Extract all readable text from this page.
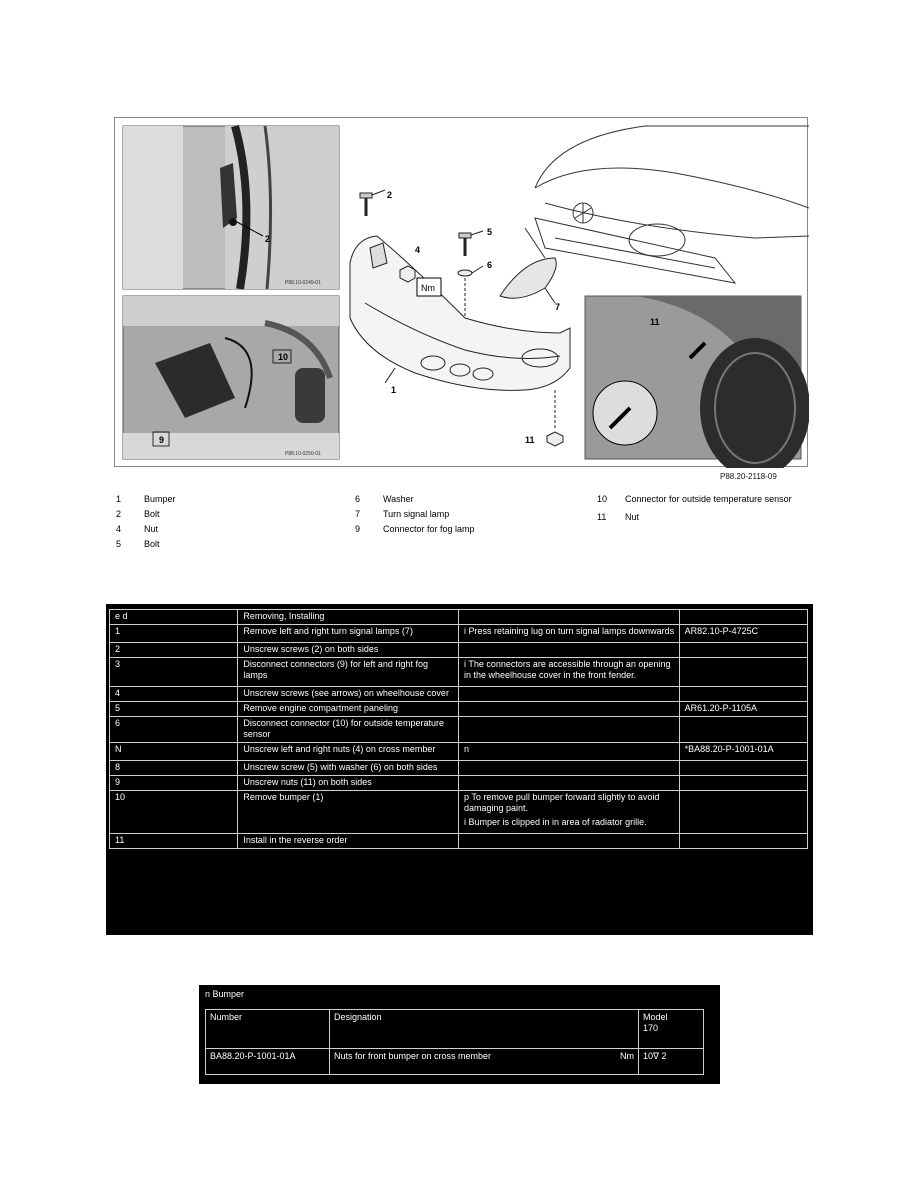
P88.10-0249-01
P88.10-0250-01	P88.20-2119-01
Nm
2
2
4
5
6
7
1
9
10
11
11
P88.20-2118-09
1	Bumper
2	Bolt
4	Nut
5	Bolt
6	Washer
7	Turn signal lamp
9	Connector for fog lamp
10	Connector for outside temperature sensor
11	Nut
e d	Removing, Installing		
1	Remove left and right turn signal lamps (7)	i Press retaining lug on turn signal lamps downwards	AR82.10-P-4725C
2	Unscrew screws (2) on both sides		
3	Disconnect connectors (9) for left and right fog lamps	i The connectors are accessible through an opening in the wheelhouse cover in the front fender.	

4	Unscrew screws (see arrows) on wheelhouse cover		
5	Remove engine compartment paneling		AR61.20-P-1105A
6	Disconnect connector (10) for outside temperature sensor		
N	Unscrew left and right nuts (4) on cross member	n	*BA88.20-P-1001-01A
8	Unscrew screw (5) with washer (6) on both sides		
9	Unscrew nuts (11) on both sides		
10	Remove bumper (1)	p To remove pull bumper forward slightly to avoid damaging paint.

i Bumper is clipped in in area of radiator grille.	

11	Install in the reverse order		
n Bumper
Number	Designation	Model
170

BA88.20-P-1001-01A	Nuts for front bumper on cross member Nm	10∇ 2
